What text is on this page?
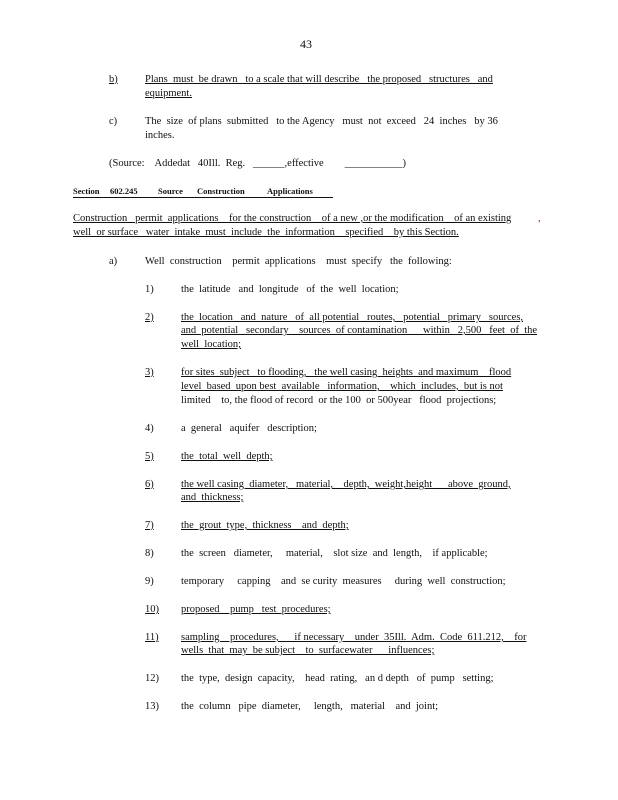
43
b)	Plans  must  be drawn   to a scale that will describe   the proposed   structures   and
equipment.
c)	The  size  of plans  submitted   to the Agency   must  not  exceed   24  inches   by 36
inches.
(Source:    Addedat   40Ill.  Reg.   ______,effective        ___________)
Section 602.245 Source Construction	Applications
Construction   permit  applications    for the construction    of a new ,or the modification    of an existing	,
well  or surface   water  intake  must  include  the  information    specified    by this Section.
a)	Well  construction    permit  applications    must  specify   the  following:
1)	the  latitude   and  longitude   of  the  well  location;
2)	the  location   and  nature   of  all potential   routes,   potential   primary   sources,
and  potential   secondary    sources  of contamination      within   2,500   feet  of  the
well  location;
3)	for sites  subject   to flooding,   the well casing  heights  and maximum    flood
level  based  upon best  available   information,    which  includes,  but is not
limited    to, the flood of record  or the 100  or 500year   flood  projections;
4)	a  general   aquifer   description;
5)	the  total  well  depth;
6)	the well casing  diameter,   material,    depth,  weight,height      above  ground,
and  thickness;
7)	the  grout  type,  thickness    and  depth;
8)	the  screen   diameter,     material,    slot size  and  length,    if applicable;
9)	temporary     capping    and  se curity  measures     during  well  construction;
10) proposed    pump   test  procedures;
11) sampling    procedures,      if necessary    under  35Ill.  Adm.  Code  611.212,    for
wells  that  may  be subject    to  surfacewater      influences;
12) the  type,  design  capacity,    head  rating,   an d depth   of  pump   setting;
13) the  column   pipe  diameter,     length,   material    and  joint;
